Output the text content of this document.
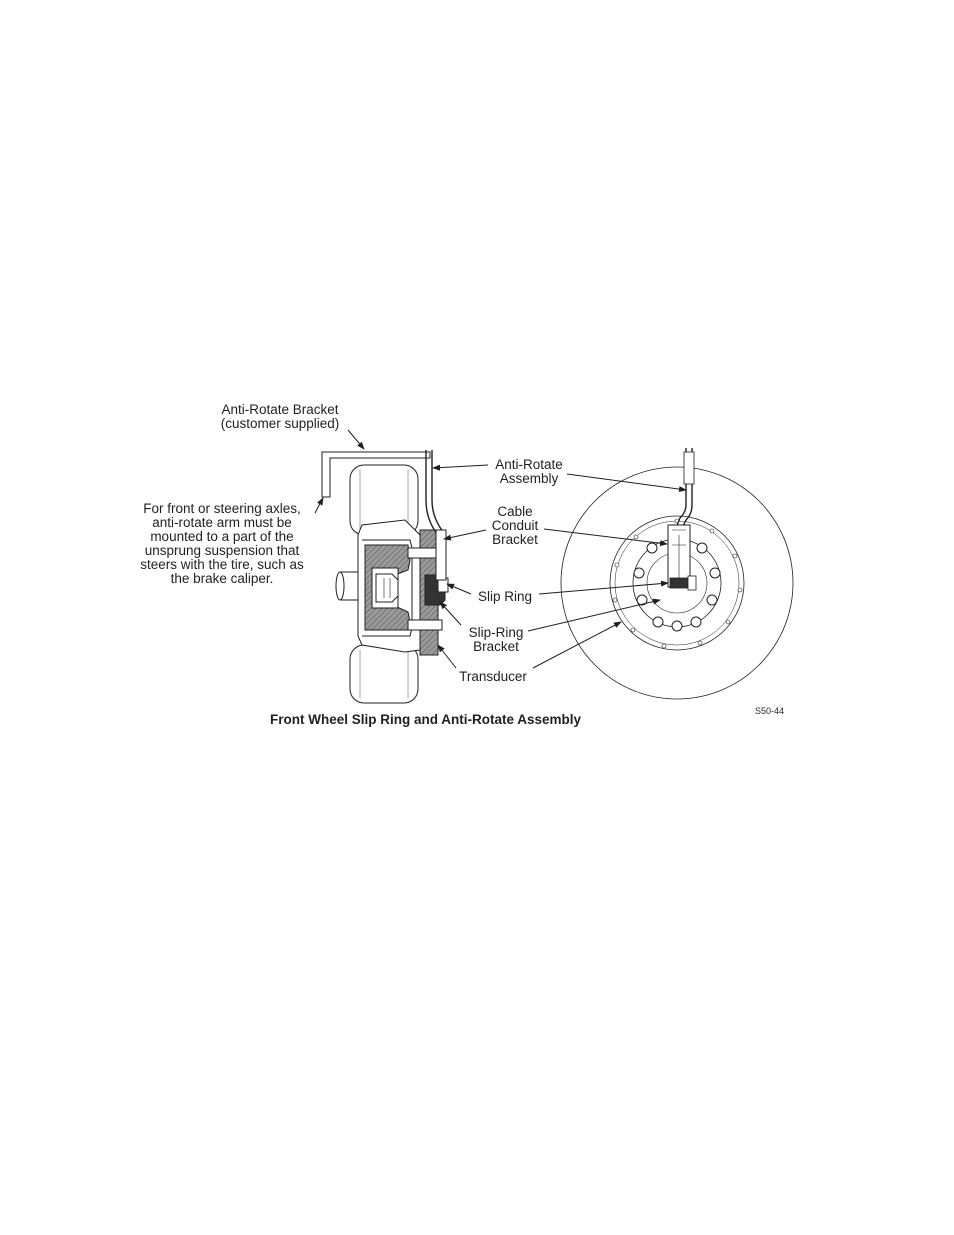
Anti-Rotate Bracket
(customer supplied)
For front or steering axles,
anti-rotate arm must be
mounted to a part of the
unsprung suspension that
steers with the tire, such as
the brake caliper.
Anti-Rotate
Assembly
Cable
Conduit
Bracket
Slip Ring
Slip-Ring
Bracket
Transducer
Front Wheel Slip Ring and Anti-Rotate Assembly
S50-44
